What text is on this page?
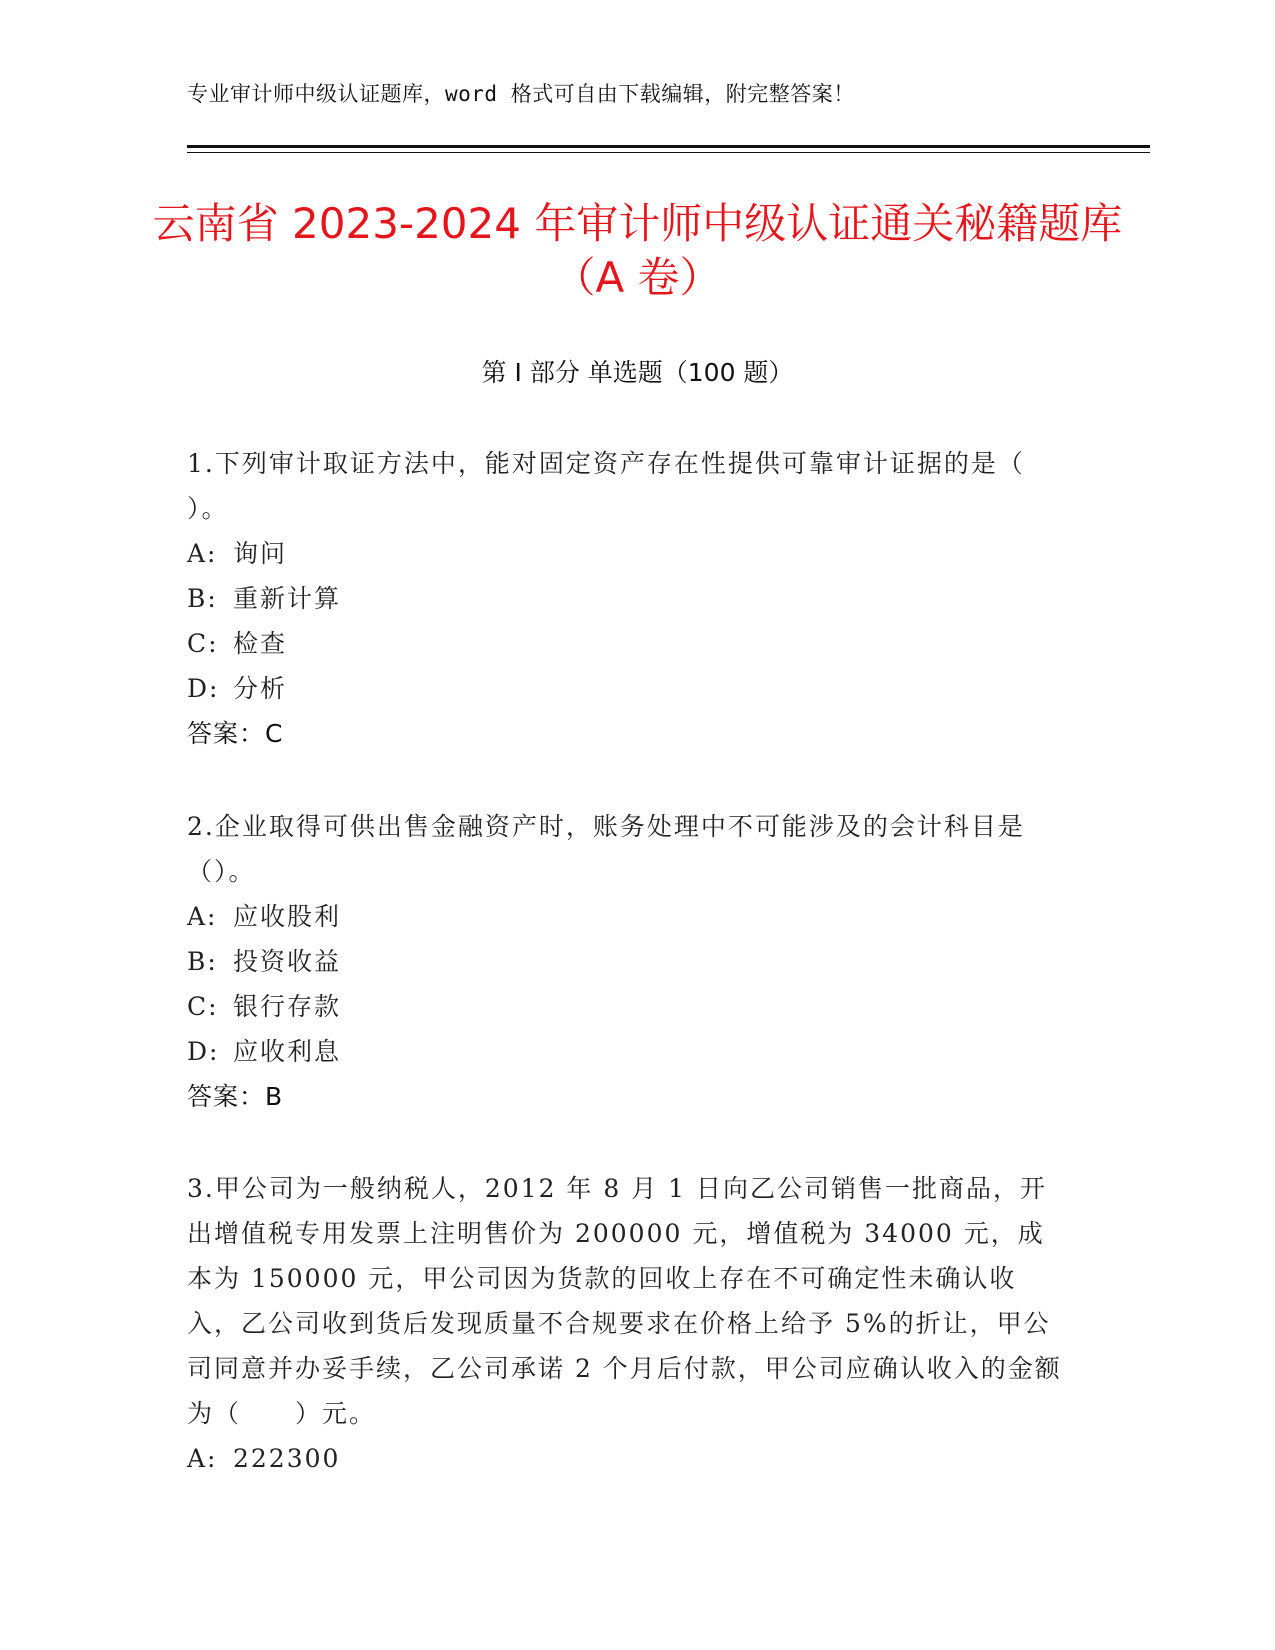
专业审计师中级认证题库，word 格式可自由下载编辑，附完整答案！
云南省 2023-2024 年审计师中级认证通关秘籍题库（A 卷）
第 I 部分 单选题（100 题）

1.下列审计取证方法中，能对固定资产存在性提供可靠审计证据的是（ ）。

A: 询问

B: 重新计算

C: 检查

D: 分析

答案：C

2.企业取得可供出售金融资产时，账务处理中不可能涉及的会计科目是（）。

A: 应收股利

B: 投资收益

C: 银行存款

D: 应收利息

答案：B

3.甲公司为一般纳税人，2012 年 8 月 1 日向乙公司销售一批商品，开出增值税专用发票上注明售价为 200000 元，增值税为 34000 元，成本为 150000 元，甲公司因为货款的回收上存在不可确定性未确认收入，乙公司收到货后发现质量不合规要求在价格上给予 5%的折让，甲公司同意并办妥手续，乙公司承诺 2 个月后付款，甲公司应确认收入的金额为（　　）元。

A: 222300
